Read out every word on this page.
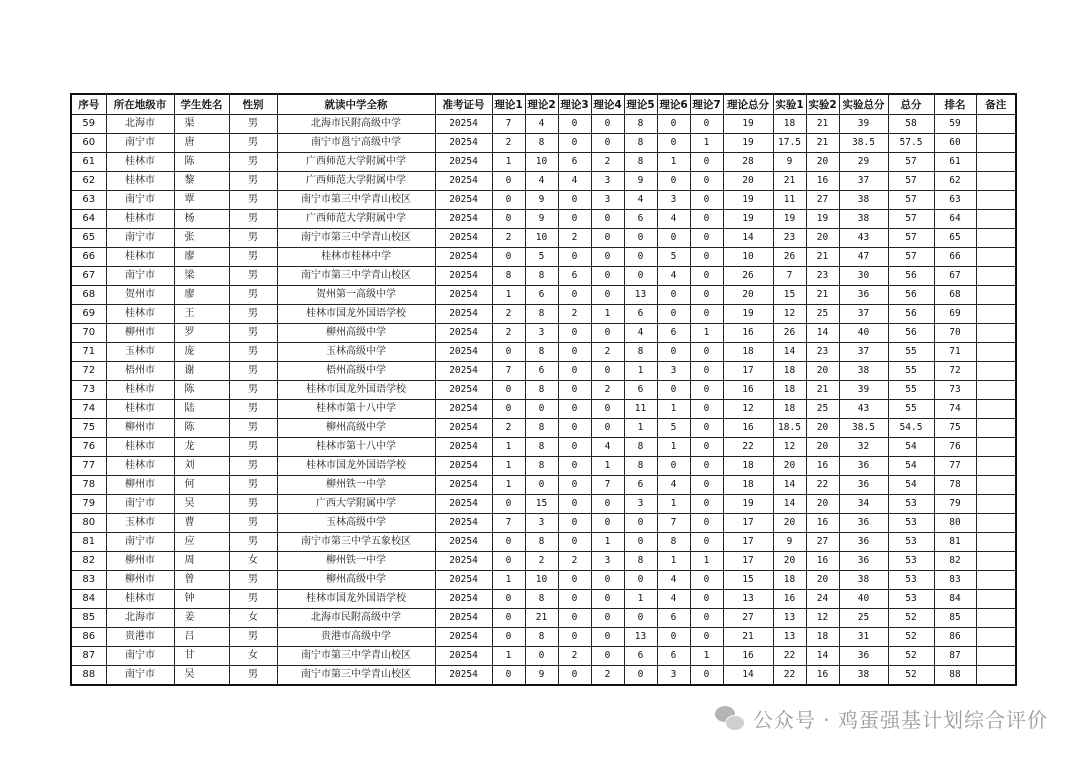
序号	所在地级市	学生姓名	性别	就读中学全称	准考证号	理论1	理论2	理论3	理论4	理论5	理论6	理论7	理论总分	实验1	实验2	实验总分	总分	排名	备注
59	北海市	渠	男	北海市民附高级中学	20254	7	4	0	0	8	0	0	19	18	21	39	58	59	
60	南宁市	唐	男	南宁市邕宁高级中学	20254	2	8	0	0	8	0	1	19	17.5	21	38.5	57.5	60	
61	桂林市	陈	男	广西师范大学附属中学	20254	1	10	6	2	8	1	0	28	9	20	29	57	61	
62	桂林市	黎	男	广西师范大学附属中学	20254	0	4	4	3	9	0	0	20	21	16	37	57	62	
63	南宁市	覃	男	南宁市第三中学青山校区	20254	0	9	0	3	4	3	0	19	11	27	38	57	63	
64	桂林市	杨	男	广西师范大学附属中学	20254	0	9	0	0	6	4	0	19	19	19	38	57	64	
65	南宁市	张	男	南宁市第三中学青山校区	20254	2	10	2	0	0	0	0	14	23	20	43	57	65	
66	桂林市	廖	男	桂林市桂林中学	20254	0	5	0	0	0	5	0	10	26	21	47	57	66	
67	南宁市	梁	男	南宁市第三中学青山校区	20254	8	8	6	0	0	4	0	26	7	23	30	56	67	
68	贺州市	廖	男	贺州第一高级中学	20254	1	6	0	0	13	0	0	20	15	21	36	56	68	
69	桂林市	王	男	桂林市国龙外国语学校	20254	2	8	2	1	6	0	0	19	12	25	37	56	69	
70	柳州市	罗	男	柳州高级中学	20254	2	3	0	0	4	6	1	16	26	14	40	56	70	
71	玉林市	庞	男	玉林高级中学	20254	0	8	0	2	8	0	0	18	14	23	37	55	71	
72	梧州市	谢	男	梧州高级中学	20254	7	6	0	0	1	3	0	17	18	20	38	55	72	
73	桂林市	陈	男	桂林市国龙外国语学校	20254	0	8	0	2	6	0	0	16	18	21	39	55	73	
74	桂林市	陆	男	桂林市第十八中学	20254	0	0	0	0	11	1	0	12	18	25	43	55	74	
75	柳州市	陈	男	柳州高级中学	20254	2	8	0	0	1	5	0	16	18.5	20	38.5	54.5	75	
76	桂林市	龙	男	桂林市第十八中学	20254	1	8	0	4	8	1	0	22	12	20	32	54	76	
77	桂林市	刘	男	桂林市国龙外国语学校	20254	1	8	0	1	8	0	0	18	20	16	36	54	77	
78	柳州市	何	男	柳州铁一中学	20254	1	0	0	7	6	4	0	18	14	22	36	54	78	
79	南宁市	吴	男	广西大学附属中学	20254	0	15	0	0	3	1	0	19	14	20	34	53	79	
80	玉林市	曹	男	玉林高级中学	20254	7	3	0	0	0	7	0	17	20	16	36	53	80	
81	南宁市	应	男	南宁市第三中学五象校区	20254	0	8	0	1	0	8	0	17	9	27	36	53	81	
82	柳州市	周	女	柳州铁一中学	20254	0	2	2	3	8	1	1	17	20	16	36	53	82	
83	柳州市	曾	男	柳州高级中学	20254	1	10	0	0	0	4	0	15	18	20	38	53	83	
84	桂林市	钟	男	桂林市国龙外国语学校	20254	0	8	0	0	1	4	0	13	16	24	40	53	84	
85	北海市	姜	女	北海市民附高级中学	20254	0	21	0	0	0	6	0	27	13	12	25	52	85	
86	贵港市	吕	男	贵港市高级中学	20254	0	8	0	0	13	0	0	21	13	18	31	52	86	
87	南宁市	甘	女	南宁市第三中学青山校区	20254	1	0	2	0	6	6	1	16	22	14	36	52	87	
88	南宁市	吴	男	南宁市第三中学青山校区	20254	0	9	0	2	0	3	0	14	22	16	38	52	88	
公众号 · 鸡蛋强基计划综合评价
